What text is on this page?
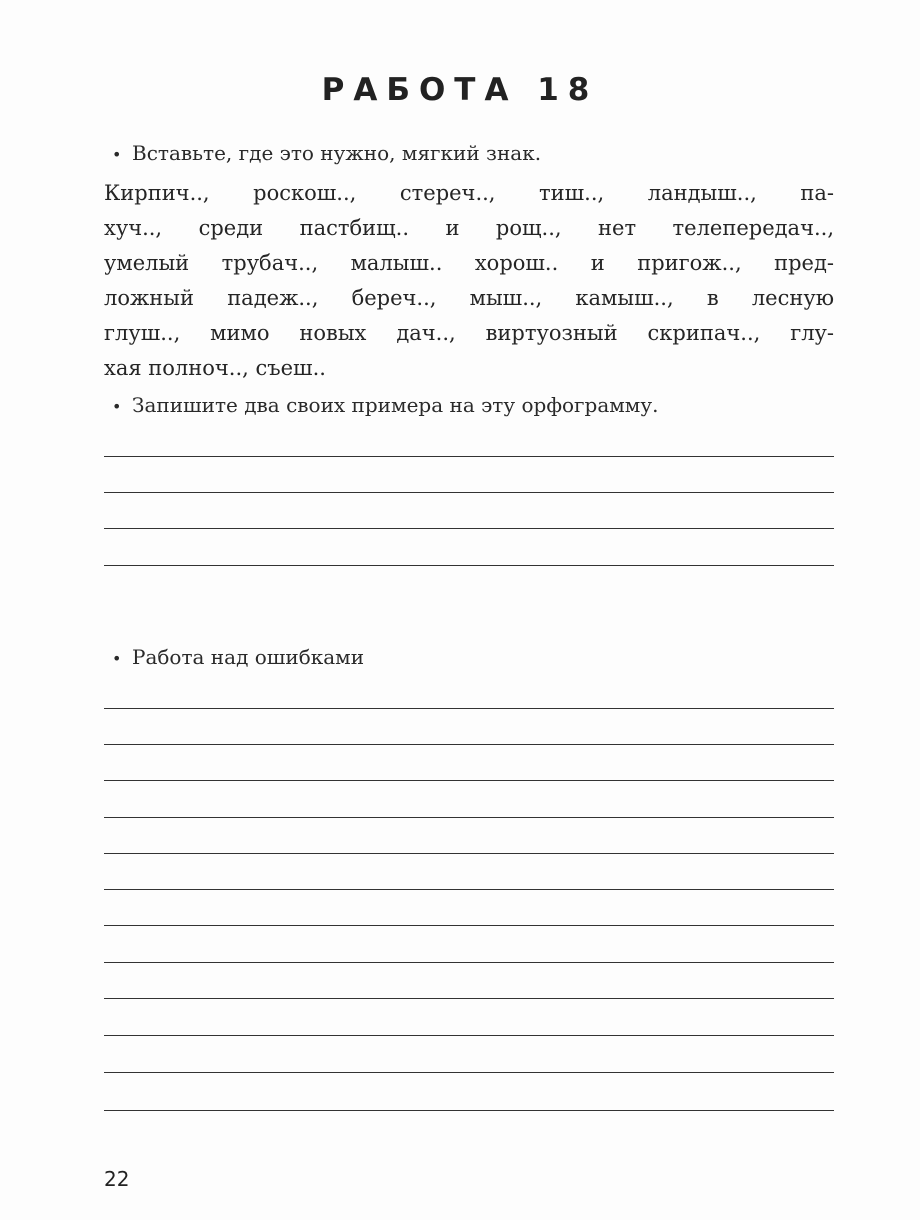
РАБОТА 18
• Вставьте, где это нужно, мягкий знак.
Кирпич.., роскош.., стереч.., тиш.., ландыш.., па-
хуч.., среди пастбищ.. и рощ.., нет телепередач..,
умелый трубач.., малыш.. хорош.. и пригож.., пред-
ложный падеж.., береч.., мыш.., камыш.., в лесную
глуш.., мимо новых дач.., виртуозный скрипач.., глу-
хая полноч.., съеш..
• Запишите два своих примера на эту орфограмму.
• Работа над ошибками
22
